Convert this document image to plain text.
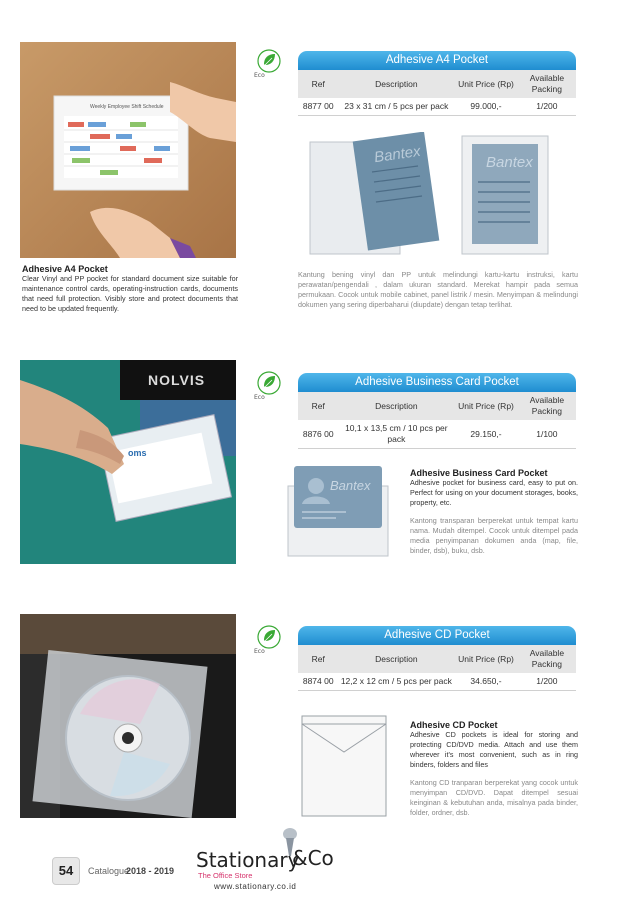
Weekly Employee Shift Schedule
Eco
Adhesive A4 Pocket
Ref	Description	Unit Price (Rp)	Available Packing
8877 00	23 x 31 cm / 5 pcs per pack	99.000,-	1/200
Bantex	Bantex
Adhesive A4 Pocket
Clear Vinyl and PP pocket for standard document size suitable for maintenance control cards, operating-instruction cards, documents that need full protection. Visibly store and protect documents that need to be updated frequently.
Kantung bening vinyl dan PP untuk melindungi kartu-kartu instruksi, kartu perawatan/pengendali , dalam ukuran standard. Merekat hampir pada semua permukaan. Cocok untuk mobile cabinet, panel listrik / mesin. Menyimpan & melindungi dokumen yang sering diperbaharui (diupdate) dengan tetap terlihat.
NOLVIS
oms
Eco
Adhesive Business Card Pocket
Ref	Description	Unit Price (Rp)	Available Packing
8876 00	10,1 x 13,5 cm / 10 pcs per pack	29.150,-	1/100
Bantex
Adhesive Business Card Pocket
Adhesive pocket for business card, easy to put on. Perfect for using on your document storages, books, property, etc.
Kantong transparan berperekat untuk tempat kartu nama. Mudah ditempel. Cocok untuk ditempel pada media penyimpanan dokumen anda (map, file, binder, dsb), buku, dsb.
Eco
Adhesive CD Pocket
Ref	Description	Unit Price (Rp)	Available Packing
8874 00	12,2 x 12 cm / 5 pcs per pack	34.650,-	1/200
Adhesive CD Pocket
Adhesive CD pockets is ideal for storing and protecting CD/DVD media. Attach and use them wherever it's most convenient, such as in ring binders, folders and files
Kantong CD tranparan berperekat yang cocok untuk menyimpan CD/DVD. Dapat ditempel sesuai keinginan & kebutuhan anda, misalnya pada binder, folder, ordner, dsb.
54	Catalogue
2018 - 2019 Stationary
&Co
The Office Store
www.stationary.co.id
